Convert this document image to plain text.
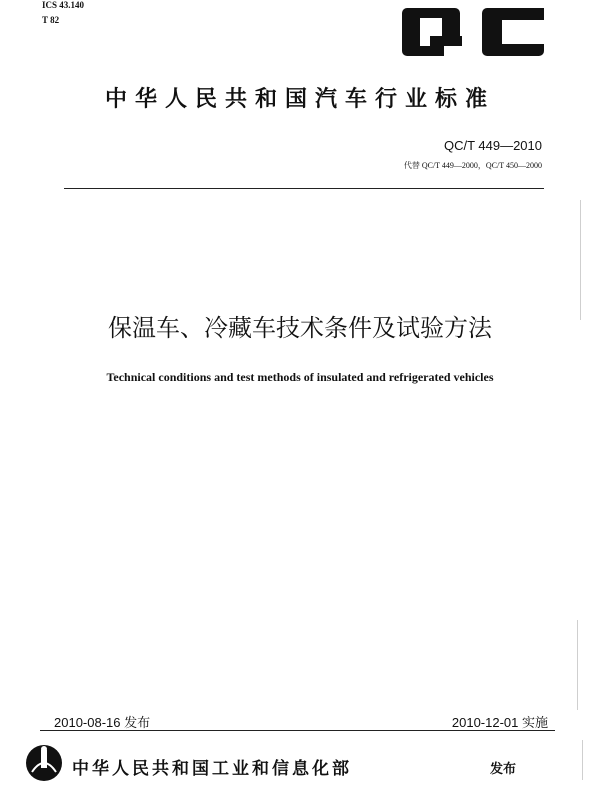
ICS 43.140
T 82
中华人民共和国汽车行业标准
QC/T 449—2010
代替 QC/T 449—2000，QC/T 450—2000
保温车、冷藏车技术条件及试验方法
Technical conditions and test methods of insulated and refrigerated vehicles
2010-08-16 发布	2010-12-01 实施
中华人民共和国工业和信息化部	发布
